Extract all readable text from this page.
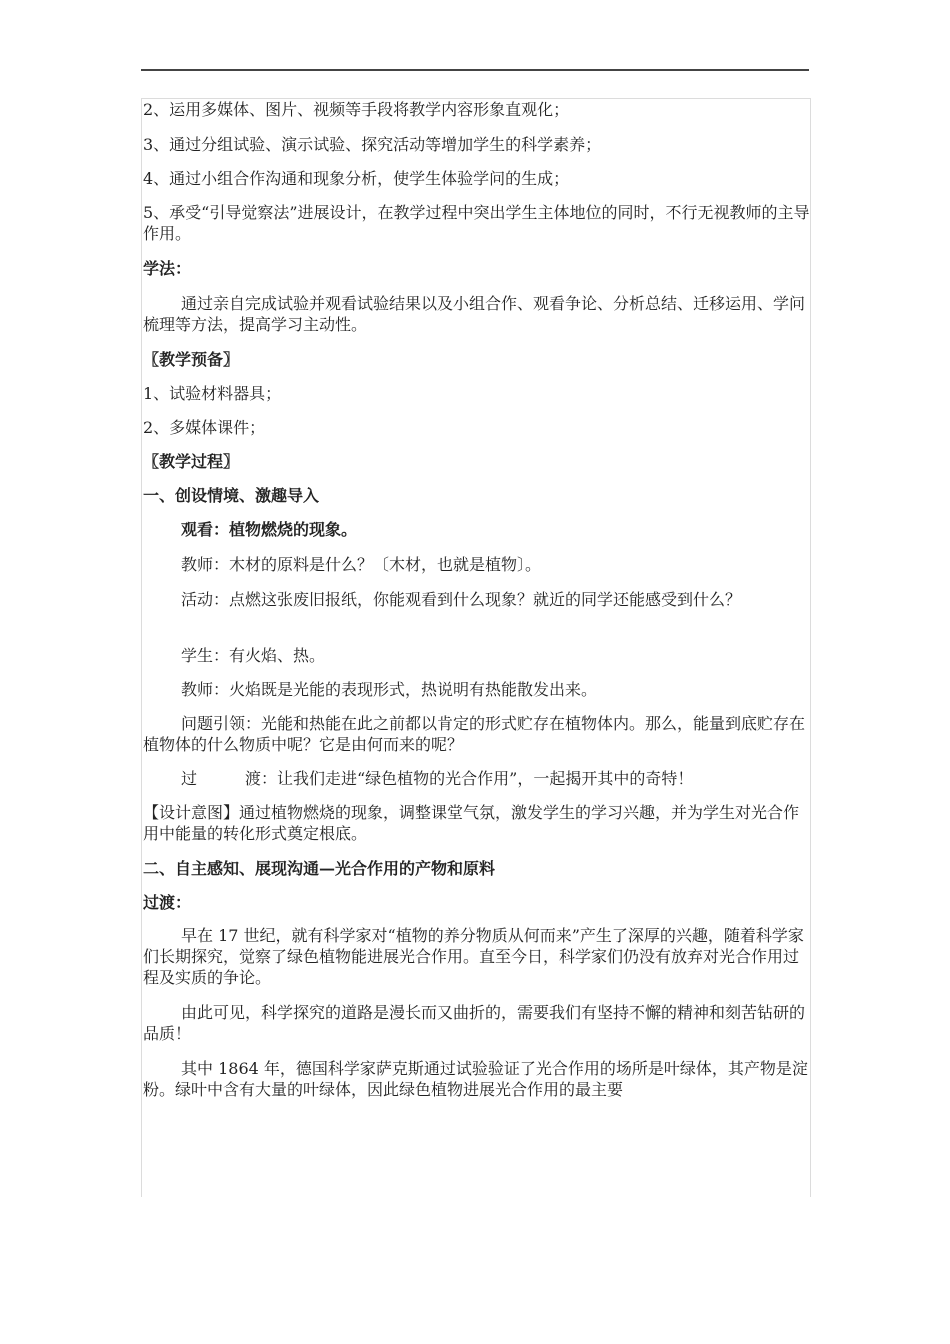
2、运用多媒体、图片、视频等手段将教学内容形象直观化；

3、通过分组试验、演示试验、探究活动等增加学生的科学素养；

4、通过小组合作沟通和现象分析，使学生体验学问的生成；

5、承受“引导觉察法”进展设计，在教学过程中突出学生主体地位的同时，不行无视教师的主导作用。

学法：

通过亲自完成试验并观看试验结果以及小组合作、观看争论、分析总结、迁移运用、学问梳理等方法，提高学习主动性。

〖教学预备〗

1、试验材料器具；

2、多媒体课件；

〖教学过程〗

一、创设情境、激趣导入

观看：植物燃烧的现象。

教师：木材的原料是什么？〔木材，也就是植物〕。

活动：点燃这张废旧报纸，你能观看到什么现象？就近的同学还能感受到什么？

学生：有火焰、热。

教师：火焰既是光能的表现形式，热说明有热能散发出来。

问题引领：光能和热能在此之前都以肯定的形式贮存在植物体内。那么，能量到底贮存在植物体的什么物质中呢？它是由何而来的呢？

过　　　渡：让我们走进“绿色植物的光合作用”，一起揭开其中的奇特！

【设计意图】通过植物燃烧的现象，调整课堂气氛，激发学生的学习兴趣，并为学生对光合作用中能量的转化形式奠定根底。

二、自主感知、展现沟通—光合作用的产物和原料

过渡：

早在 17 世纪，就有科学家对“植物的养分物质从何而来”产生了深厚的兴趣，随着科学家们长期探究，觉察了绿色植物能进展光合作用。直至今日，科学家们仍没有放弃对光合作用过程及实质的争论。

由此可见，科学探究的道路是漫长而又曲折的，需要我们有坚持不懈的精神和刻苦钻研的品质！

其中 1864 年，德国科学家萨克斯通过试验验证了光合作用的场所是叶绿体，其产物是淀粉。绿叶中含有大量的叶绿体，因此绿色植物进展光合作用的最主要
